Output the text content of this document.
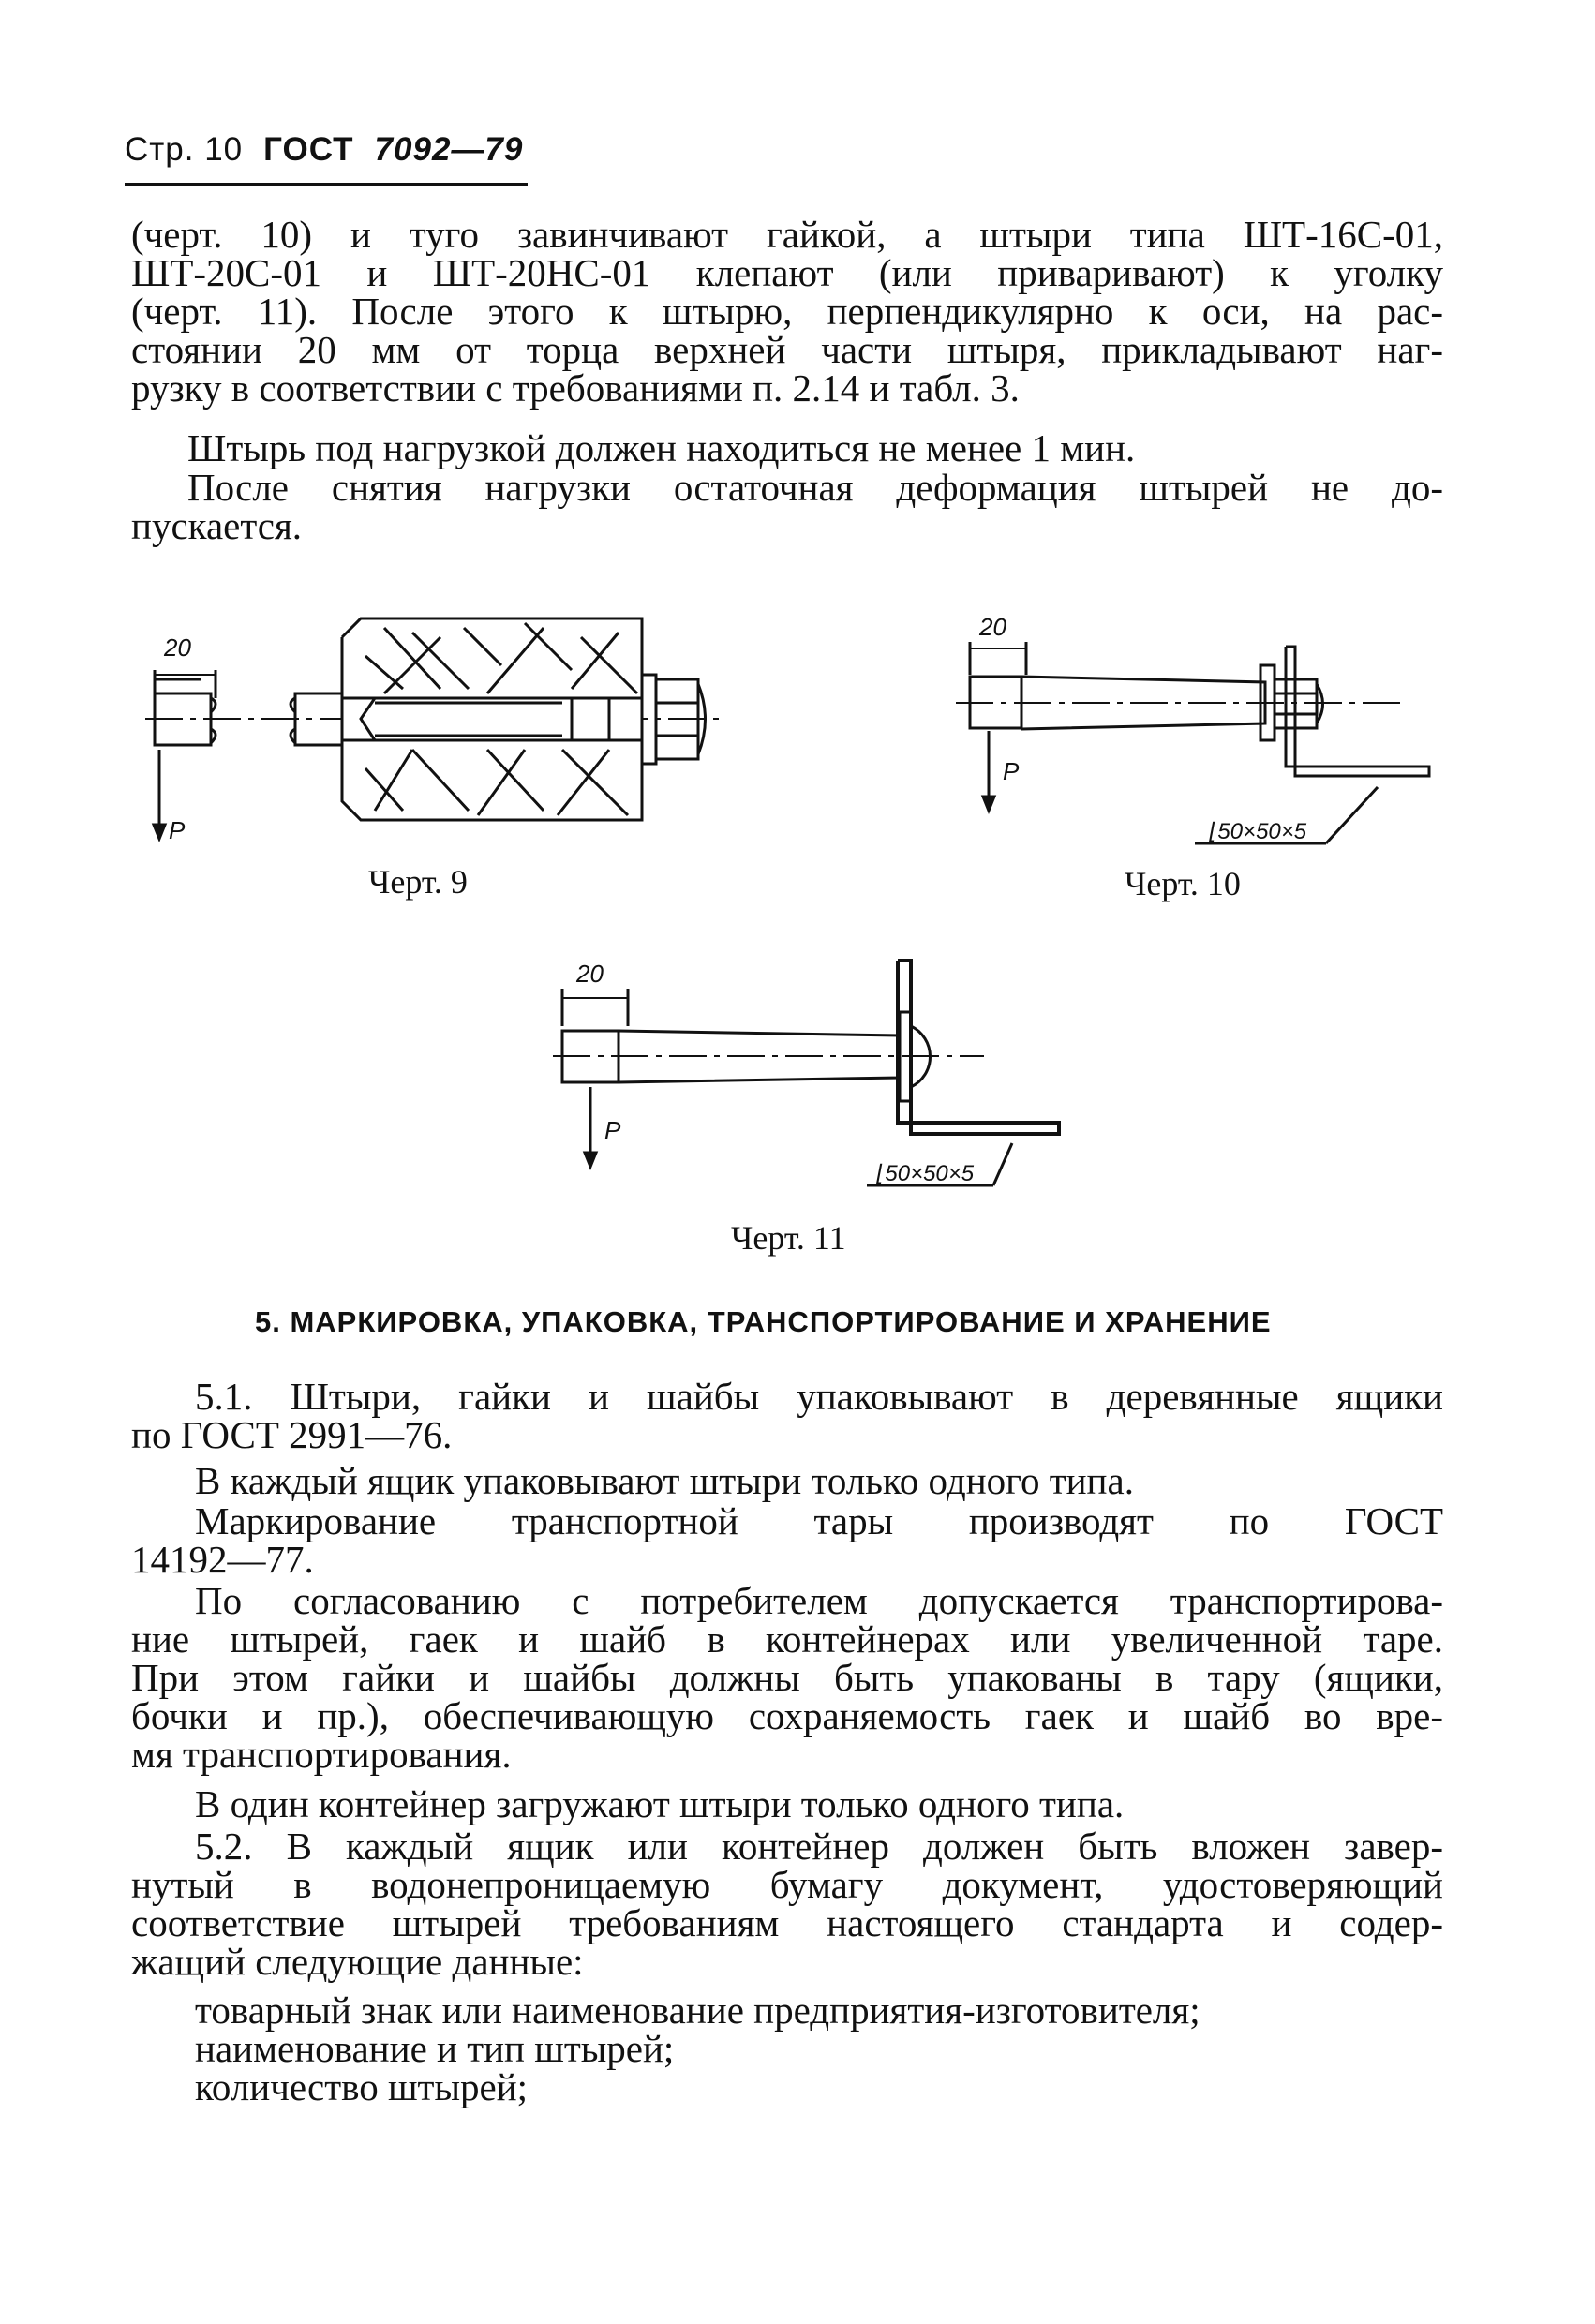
Стр. 10 ГОСТ 7092—79
(черт. 10) и туго завинчивают гайкой, а штыри типа ШТ-16С-01,
ШТ-20С-01 и ШТ-20НС-01 клепают (или приваривают) к уголку
(черт. 11). После этого к штырю, перпендикулярно к оси, на рас-
стоянии 20 мм от торца верхней части штыря, прикладывают наг-
рузку в соответствии с требованиями п. 2.14 и табл. 3.
Штырь под нагрузкой должен находиться не менее 1 мин.
После снятия нагрузки остаточная деформация штырей не до-
пускается.
20
P
Черт. 9
20
P
⌊50×50×5
Черт. 10
20
P
⌊50×50×5
Черт. 11
5. МАРКИРОВКА, УПАКОВКА, ТРАНСПОРТИРОВАНИЕ И ХРАНЕНИЕ
5.1. Штыри, гайки и шайбы упаковывают в деревянные ящики
по ГОСТ 2991—76.
В каждый ящик упаковывают штыри только одного типа.
Маркирование транспортной тары производят по ГОСТ
14192—77.
По согласованию с потребителем допускается транспортирова-
ние штырей, гаек и шайб в контейнерах или увеличенной таре.
При этом гайки и шайбы должны быть упакованы в тару (ящики,
бочки и пр.), обеспечивающую сохраняемость гаек и шайб во вре-
мя транспортирования.
В один контейнер загружают штыри только одного типа.
5.2. В каждый ящик или контейнер должен быть вложен завер-
нутый в водонепроницаемую бумагу документ, удостоверяющий
соответствие штырей требованиям настоящего стандарта и содер-
жащий следующие данные:
товарный знак или наименование предприятия-изготовителя;
наименование и тип штырей;
количество штырей;
